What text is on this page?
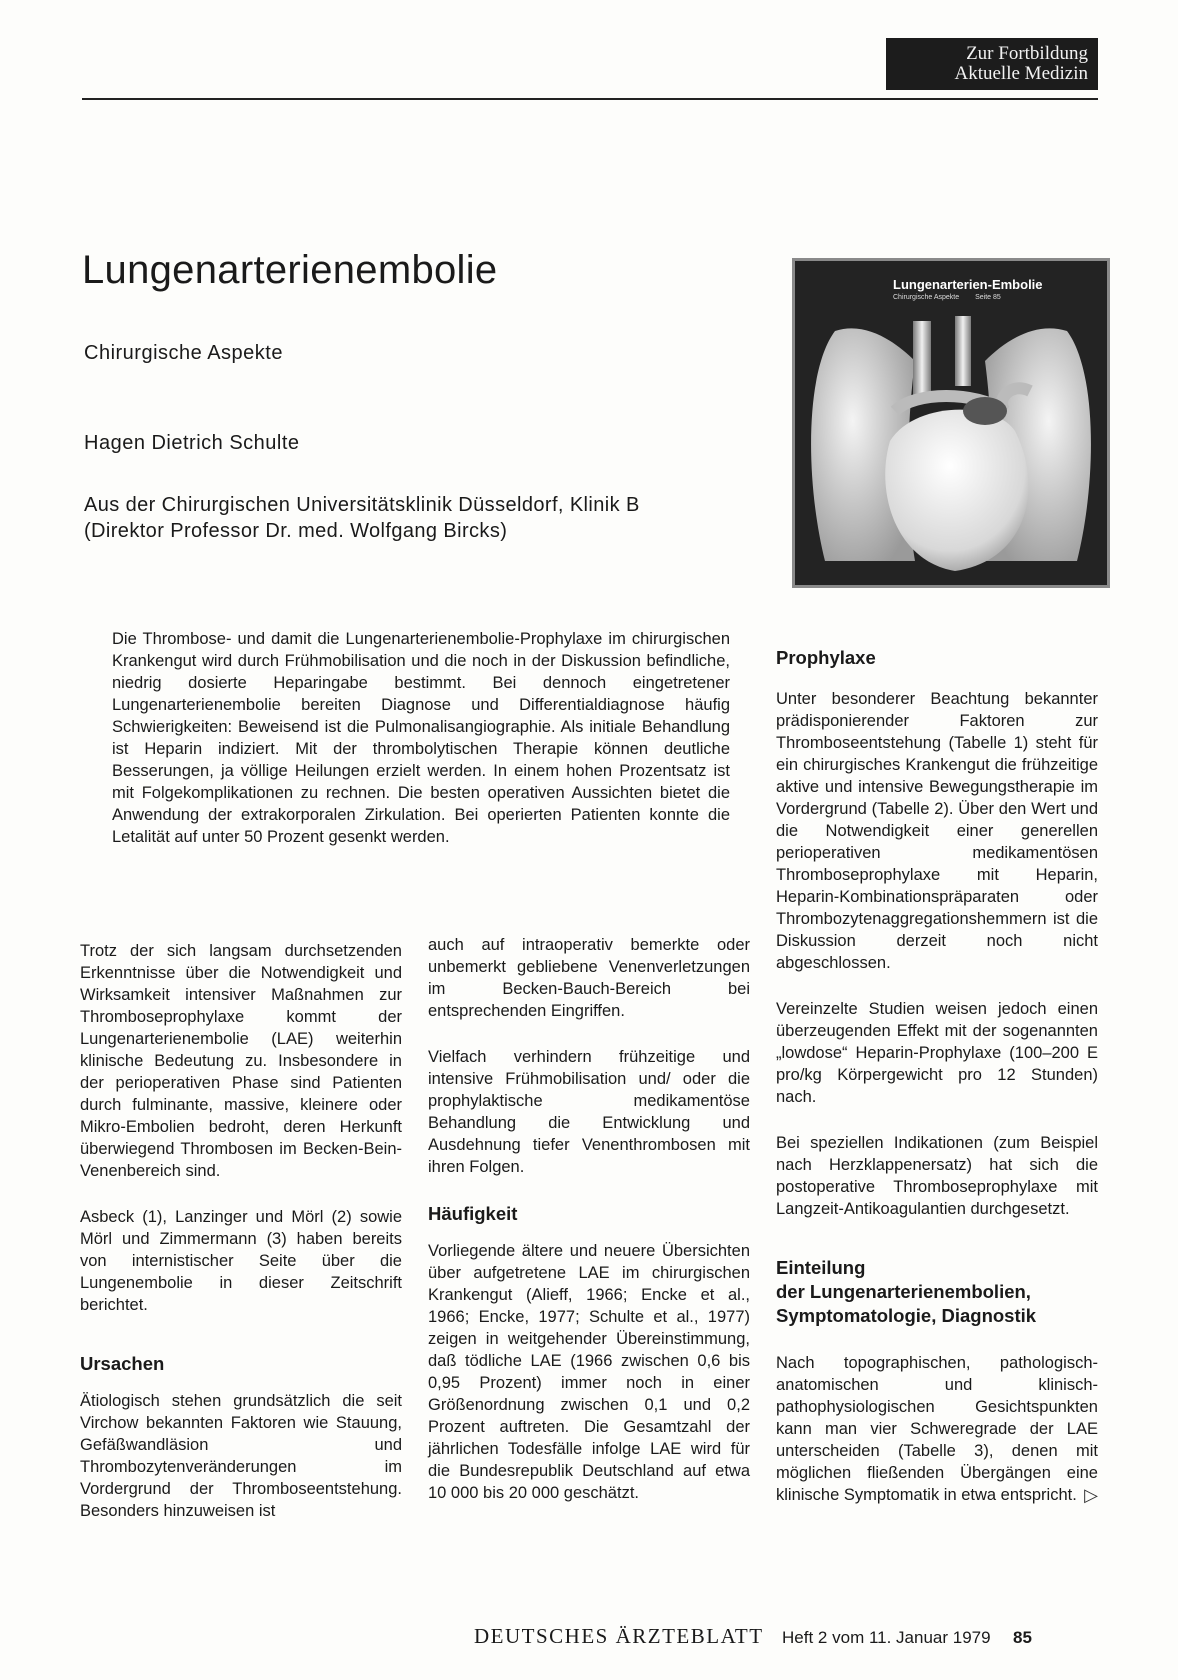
Zur Fortbildung
Aktuelle Medizin
Lungenarterienembolie
Chirurgische Aspekte
Hagen Dietrich Schulte
Aus der Chirurgischen Universitätsklinik Düsseldorf, Klinik B
(Direktor Professor Dr. med. Wolfgang Bircks)
Lungenarterien-Embolie
Chirurgische Aspekte Seite 85

Die Thrombose- und damit die Lungenarterienembolie-Prophylaxe im chirurgischen Krankengut wird durch Frühmobilisation und die noch in der Diskussion befindliche, niedrig dosierte Heparingabe bestimmt. Bei dennoch eingetretener Lungenarterienembolie bereiten Diagnose und Differentialdiagnose häufig Schwierigkeiten: Beweisend ist die Pulmonalisangiographie. Als initiale Behandlung ist Heparin indiziert. Mit der thrombolytischen Therapie können deutliche Besserungen, ja völlige Heilungen erzielt werden. In einem hohen Prozentsatz ist mit Folgekomplikationen zu rechnen. Die besten operativen Aussichten bietet die Anwendung der extrakorporalen Zirkulation. Bei operierten Patienten konnte die Letalität auf unter 50 Prozent gesenkt werden.

Trotz der sich langsam durchsetzenden Erkenntnisse über die Notwendigkeit und Wirksamkeit intensiver Maßnahmen zur Thromboseprophylaxe kommt der Lungenarterienembolie (LAE) weiterhin klinische Bedeutung zu. Insbesondere in der perioperativen Phase sind Patienten durch fulminante, massive, kleinere oder Mikro-Embolien bedroht, deren Herkunft überwiegend Thrombosen im Becken-Bein-Venenbereich sind.

Asbeck (1), Lanzinger und Mörl (2) sowie Mörl und Zimmermann (3) haben bereits von internistischer Seite über die Lungenembolie in dieser Zeitschrift berichtet.

Ursachen

Ätiologisch stehen grundsätzlich die seit Virchow bekannten Faktoren wie Stauung, Gefäßwandläsion und Thrombozytenveränderungen im Vordergrund der Thromboseentstehung. Besonders hinzuweisen ist

auch auf intraoperativ bemerkte oder unbemerkt gebliebene Venenverletzungen im Becken-Bauch-Bereich bei entsprechenden Eingriffen.

Vielfach verhindern frühzeitige und intensive Frühmobilisation und/ oder die prophylaktische medikamentöse Behandlung die Entwicklung und Ausdehnung tiefer Venenthrombosen mit ihren Folgen.

Häufigkeit

Vorliegende ältere und neuere Übersichten über aufgetretene LAE im chirurgischen Krankengut (Alieff, 1966; Encke et al., 1966; Encke, 1977; Schulte et al., 1977) zeigen in weitgehender Übereinstimmung, daß tödliche LAE (1966 zwischen 0,6 bis 0,95 Prozent) immer noch in einer Größenordnung zwischen 0,1 und 0,2 Prozent auftreten. Die Gesamtzahl der jährlichen Todesfälle infolge LAE wird für die Bundesrepublik Deutschland auf etwa 10 000 bis 20 000 geschätzt.

Prophylaxe

Unter besonderer Beachtung bekannter prädisponierender Faktoren zur Thromboseentstehung (Tabelle 1) steht für ein chirurgisches Krankengut die frühzeitige aktive und intensive Bewegungstherapie im Vordergrund (Tabelle 2). Über den Wert und die Notwendigkeit einer generellen perioperativen medikamentösen Thromboseprophylaxe mit Heparin, Heparin-Kombinationspräparaten oder Thrombozytenaggregationshemmern ist die Diskussion derzeit noch nicht abgeschlossen.

Vereinzelte Studien weisen jedoch einen überzeugenden Effekt mit der sogenannten „lowdose“ Heparin-Prophylaxe (100–200 E pro/kg Körpergewicht pro 12 Stunden) nach.

Bei speziellen Indikationen (zum Beispiel nach Herzklappenersatz) hat sich die postoperative Thromboseprophylaxe mit Langzeit-Antikoagulantien durchgesetzt.

Einteilung
der Lungenarterienembolien,
Symptomatologie, Diagnostik

Nach topographischen, pathologisch-anatomischen und klinisch-pathophysiologischen Gesichtspunkten kann man vier Schweregrade der LAE unterscheiden (Tabelle 3), denen mit möglichen fließenden Übergängen eine klinische Symptomatik in etwa entspricht. ▷

DEUTSCHES ÄRZTEBLATT Heft 2 vom 11. Januar 1979 85
